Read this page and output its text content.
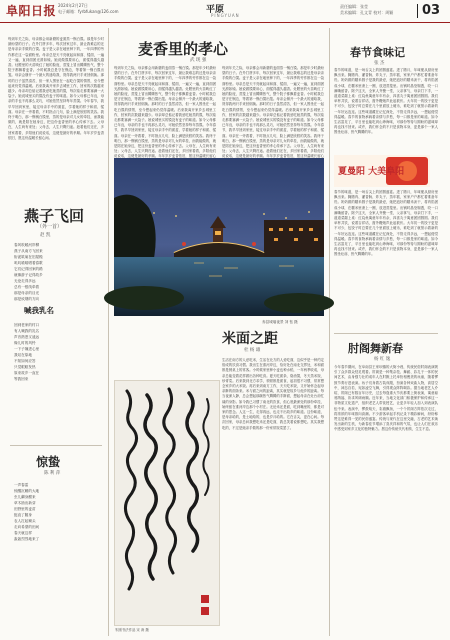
阜阳日报 2024年2月27日
电子邮箱：fyrbfukan@126.com	平原
PINGYUAN
责任编辑：张莹
美术编辑：孔文青 校对：周颖 03
麦香里的孝心
武 现 强
每到年关之际，母亲都会用新磨的麦面蒸一锅白馍。那是年少时最盼望的日子。在外打拼多年，每次回家过年，最让我难忘的还是母亲亲手做的白馍。麦子是父亲在地里种下的，一年四季的劳作都在这一袋面粉里。母亲总是天不亮就起床和面、揉面，一遍又一遍，直到面团光滑如镜。她说做馍要用心，面揉得越久越香。灶膛里的火苗映红了她的脸庞，蒸笼上冒出腾腾热气，整个院子都飘着麦香。小时候我总是守在锅边，等着第一锅白馍出笼。母亲会掰开一个最大的递给我，烫得我两只手来回倒换。那时的日子虽然清苦，但一家人围坐在一起吃白馍的情景，至今想起来仍觉得温暖。后来我离开家乡去城里工作，回家的次数越来越少。母亲却总惦记着我爱吃她蒸的馍，每次临走都要塞满一大袋子。她说城里买的馍没有麦子的味道。如今父母都已年迈，母亲的手也不再那么灵巧，可她依然坚持每年蒸馍。今年春节，我早早回到家里，接过母亲手中的面盆，学着她的样子和面、揉面。母亲在一旁看着，不时指点几句，脸上满是欣慰的笑容。我终于明白，那一锅锅白馍里，蒸的是母亲对儿女的牵挂，而我能做的，就是陪在她身边，把这份麦香里的孝心传承下去。父母在，人生尚有来处；父母去，人生只剩归途。趁着他们还在，多回家看看，多陪他们说说话，这便是最好的孝顺。年年岁岁麦香依旧，愿这份温暖长留心间。
每到年关之际，母亲都会用新磨的麦面蒸一锅白馍。那是年少时最盼望的日子。在外打拼多年，每次回家过年，最让我难忘的还是母亲亲手做的白馍。麦子是父亲在地里种下的，一年四季的劳作都在这一袋面粉里。母亲总是天不亮就起床和面、揉面，一遍又一遍，直到面团光滑如镜。她说做馍要用心，面揉得越久越香。灶膛里的火苗映红了她的脸庞，蒸笼上冒出腾腾热气，整个院子都飘着麦香。小时候我总是守在锅边，等着第一锅白馍出笼。母亲会掰开一个最大的递给我，烫得我两只手来回倒换。那时的日子虽然清苦，但一家人围坐在一起吃白馍的情景，至今想起来仍觉得温暖。后来我离开家乡去城里工作，回家的次数越来越少。母亲却总惦记着我爱吃她蒸的馍，每次临走都要塞满一大袋子。她说城里买的馍没有麦子的味道。如今父母都已年迈，母亲的手也不再那么灵巧，可她依然坚持每年蒸馍。今年春节，我早早回到家里，接过母亲手中的面盆，学着她的样子和面、揉面。母亲在一旁看着，不时指点几句，脸上满是欣慰的笑容。我终于明白，那一锅锅白馍里，蒸的是母亲对儿女的牵挂，而我能做的，就是陪在她身边，把这份麦香里的孝心传承下去。父母在，人生尚有来处；父母去，人生只剩归途。趁着他们还在，多回家看看，多陪他们说说话，这便是最好的孝顺。年年岁岁麦香依旧，愿这份温暖长留心
每到年关之际，母亲都会用新磨的麦面蒸一锅白馍。那是年少时最盼望的日子。在外打拼多年，每次回家过年，最让我难忘的还是母亲亲手做的白馍。麦子是父亲在地里种下的，一年四季的劳作都在这一袋面粉里。母亲总是天不亮就起床和面、揉面，一遍又一遍，直到面团光滑如镜。她说做馍要用心，面揉得越久越香。灶膛里的火苗映红了她的脸庞，蒸笼上冒出腾腾热气，整个院子都飘着麦香。小时候我总是守在锅边，等着第一锅白馍出笼。母亲会掰开一个最大的递给我，烫得我两只手来回倒换。那时的日子虽然清苦，但一家人围坐在一起吃白馍的情景，至今想起来仍觉得温暖。后来我离开家乡去城里工作，回家的次数越来越少。母亲却总惦记着我爱吃她蒸的馍，每次临走都要塞满一大袋子。她说城里买的馍没有麦子的味道。如今父母都已年迈，母亲的手也不再那么灵巧，可她依然坚持每年蒸馍。今年春节，我早早回到家里，接过母亲手中的面盆，学着她的样子和面、揉面。母亲在一旁看着，不时指点几句，脸上满是欣慰的笑容。我终于明白，那一锅锅白馍里，蒸的是母亲对儿女的牵挂，而我能做的，就是陪在她身边，把这份麦香里的孝心传承下去。父母在，人生尚有来处；父母去，人生只剩归途。趁着他们还在，多回家看看，多陪他们说说话，这便是最好的孝顺。年年岁岁麦香依旧，愿这份温暖长留心
寿县城墙夜景 刘 钰 摄
夏曼阳 大美阜阳
燕子飞回
（外一首）
赵 凯
春风吹暖河岸柳
燕子从南方飞回来
衔泥筑巢在旧屋檐
叽叽喳喳唱着春歌
它们记得回家的路
就像游子记得故乡
无论走得多远
总有一根线牵着
那是母亲的目光
那是炊烟的方向
喊我乳名
回到老家的村口
有人喊我的乳名
声音熟悉又遥远
像儿时的风铃
一下子撞进心里
我站在原地
不知如何应答
只觉眼眶发热
原来故乡一直在
等我回来
惊蛰
陈 利 萍
一声春雷
惊醒沉睡的大地
虫儿翻身醒来
草木抽出新芽
田野里的麦苗
挺直了腰身
农人扛起锄头
走向希望的田间
春天就这样
轰轰烈烈地来了
米面之距
杜 杨 雄
生活在南方的人爱吃米，生活在北方的人爱吃面，这似乎是一种约定俗成的饮食习惯。我出生在淮河岸边，恰好处在南北交界处，米和面都是餐桌上的常客。小时候家里种小麦也种水稻，一年两季收成，母亲总能变着花样做出各种吃食。夏天吃面条、烙油馍，冬天蒸米饭、炒青菜。后来我到北方求学，顿顿都是面食，起初很不习惯，常常想念家乡的大米饭。再后来到南方工作，天天吃米饭，又开始怀念起母亲擀的面条来。米与面之间的距离，其实就是故乡与他乡的距离。每当夜深人静，总会想起那碗热气腾腾的手擀面，想起母亲在灶台前忙碌的身影。如今我已习惯了南北的饮食，但心底最深处的那份牵挂，始终留在淮河岸边那个小村庄。无论米还是面，吃到嘴里的，都是对家的思念。人这一生，走得再远，也走不出故乡的味道。这份味道，是母亲给的，是土地给的，也是岁月给的。它在舌尖，更在心间。每次回家，母亲总问我想吃米还是吃面，我总笑着说都想吃。其实我想吃的，不过是她亲手做的那一份家常饭菜罢了。
朱刚书法作品 宋 涛 摄
春节食味记
张 杰
春节的味道，是一场舌尖上的团圆盛宴。进了腊月，年味便从厨房里飘出来。腌腊肉、灌香肠、炸丸子、蒸年糕，家家户户都忙着准备年货。奶奶做的糯米圆子是我的最爱，她把泡好的糯米沥干，将肉馅团成小球，在糯米里滚上一圈，放进蒸笼里。出锅时晶莹剔透，咬一口满嘴留香。除夕这天，全家人齐聚一堂，父亲掌勺，母亲打下手，一道道菜端上桌：红烧鱼寓意年年有余，四喜丸子寓意团团圆圆。我们举杯共饮，说着吉祥话，窗外鞭炮声此起彼伏。大年初一的饺子更是不可少，包饺子时总要在几个里面放上硬币，谁吃到了就预示着新的一年好运连连。这些味道藏在记忆深处，不管走得多远，一想起便觉得温暖。春节的食物承载着亲情与乡愁，每一口都是家的味道。如今生活富足了，平日里也能吃到山珍海味，可那份等待与期盼的滋味却再也找不回来。或许，我们怀念的不只是食物本身，更是那个一家人围坐灶前、热气腾腾的年。
春节的味道，是一场舌尖上的团圆盛宴。进了腊月，年味便从厨房里飘出来。腌腊肉、灌香肠、炸丸子、蒸年糕，家家户户都忙着准备年货。奶奶做的糯米圆子是我的最爱，她把泡好的糯米沥干，将肉馅团成小球，在糯米里滚上一圈，放进蒸笼里。出锅时晶莹剔透，咬一口满嘴留香。除夕这天，全家人齐聚一堂，父亲掌勺，母亲打下手，一道道菜端上桌：红烧鱼寓意年年有余，四喜丸子寓意团团圆圆。我们举杯共饮，说着吉祥话，窗外鞭炮声此起彼伏。大年初一的饺子更是不可少，包饺子时总要在几个里面放上硬币，谁吃到了就预示着新的一年好运连连。这些味道藏在记忆深处，不管走得多远，一想起便觉得温暖。春节的食物承载着亲情与乡愁，每一口都是家的味道。如今生活富足了，平日里也能吃到山珍海味，可那份等待与期盼的滋味却再也找不回来。或许，我们怀念的不只是食物本身，更是那个一家人围坐灶前、热气腾腾的年。
肘阁舞新春
杨 红 逸
今年春节期间，在阜南县王家坝镇的大街小巷，传统民俗肘阁表演吸引了众多群众驻足观看。肘阁是一种集杂技、舞蹈、彩扎于一体的民间艺术，由身强力壮的成年人在肘腕上托举扮相俊美的孩童，随着锣鼓节奏行进表演。孩子们身着古装戏服，扮演各种戏曲人物，高居空中，神态自若，宛如凌空飞舞，引得观众阵阵喝彩。据当地老艺人介绍，肘阁已有数百年历史，过去每逢重大节庆都要上街表演，寓意驱邪纳福、祈求风调雨顺。近年来，当地文化部门积极保护和传承这一非物质文化遗产，组织老艺人带徒授艺，让更多年轻人加入到表演队伍中来。表演中，锣鼓喧天，彩旗飘扬，一个个肘阁方阵依次走过，将浓浓的年味推向高潮。不少游客举起手机记录下精彩瞬间，纷纷称赞这是难得一见的民俗盛宴。传统与现代在这里交融，古老的艺术焕发出新的生机，为新春佳节增添了喜庆祥和的气氛，也让人们在欢乐中感受到家乡文化的独特魅力。愿这份传统代代相传，生生不息。
